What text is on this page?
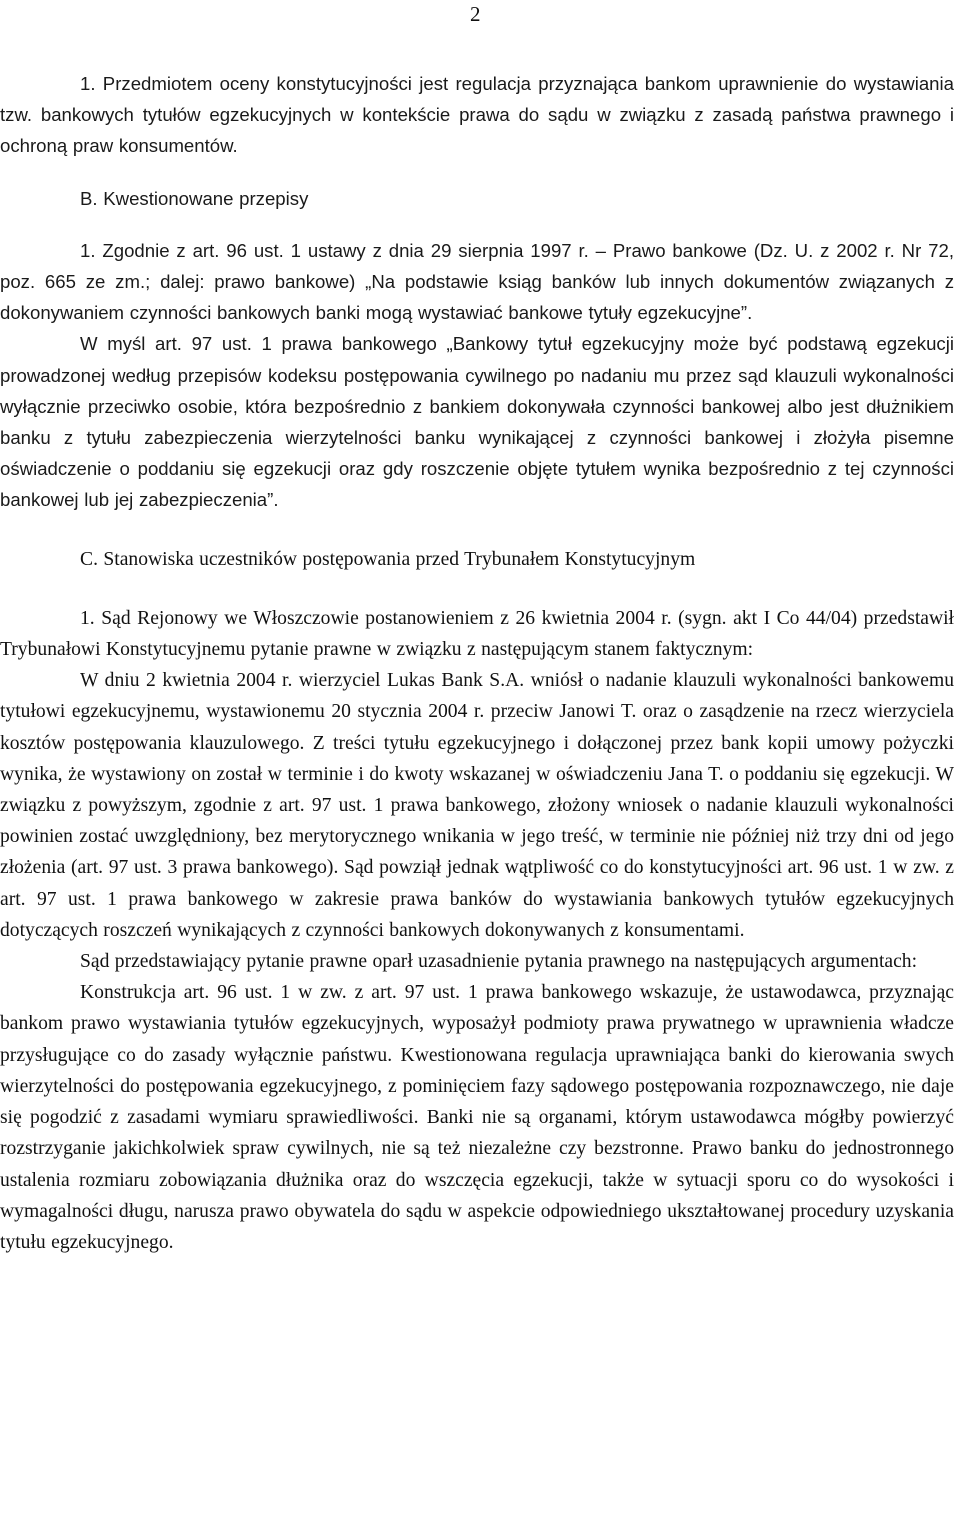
2

1. Przedmiotem oceny konstytucyjności jest regulacja przyznająca bankom uprawnienie do wystawiania tzw. bankowych tytułów egzekucyjnych w kontekście prawa do sądu w związku z zasadą państwa prawnego i ochroną praw konsumentów.

B. Kwestionowane przepisy

1. Zgodnie z art. 96 ust. 1 ustawy z dnia 29 sierpnia 1997 r. – Prawo bankowe (Dz. U. z 2002 r. Nr 72, poz. 665 ze zm.; dalej: prawo bankowe) „Na podstawie ksiąg banków lub innych dokumentów związanych z dokonywaniem czynności bankowych banki mogą wystawiać bankowe tytuły egzekucyjne”.

W myśl art. 97 ust. 1 prawa bankowego „Bankowy tytuł egzekucyjny może być podstawą egzekucji prowadzonej według przepisów kodeksu postępowania cywilnego po nadaniu mu przez sąd klauzuli wykonalności wyłącznie przeciwko osobie, która bezpośrednio z bankiem dokonywała czynności bankowej albo jest dłużnikiem banku z tytułu zabezpieczenia wierzytelności banku wynikającej z czynności bankowej i złożyła pisemne oświadczenie o poddaniu się egzekucji oraz gdy roszczenie objęte tytułem wynika bezpośrednio z tej czynności bankowej lub jej zabezpieczenia”.

C. Stanowiska uczestników postępowania przed Trybunałem Konstytucyjnym

1. Sąd Rejonowy we Włoszczowie postanowieniem z 26 kwietnia 2004 r. (sygn. akt I Co 44/04) przedstawił Trybunałowi Konstytucyjnemu pytanie prawne w związku z następującym stanem faktycznym:

W dniu 2 kwietnia 2004 r. wierzyciel Lukas Bank S.A. wniósł o nadanie klauzuli wykonalności bankowemu tytułowi egzekucyjnemu, wystawionemu 20 stycznia 2004 r. przeciw Janowi T. oraz o zasądzenie na rzecz wierzyciela kosztów postępowania klauzulowego. Z treści tytułu egzekucyjnego i dołączonej przez bank kopii umowy pożyczki wynika, że wystawiony on został w terminie i do kwoty wskazanej w oświadczeniu Jana T. o poddaniu się egzekucji. W związku z powyższym, zgodnie z art. 97 ust. 1 prawa bankowego, złożony wniosek o nadanie klauzuli wykonalności powinien zostać uwzględniony, bez merytorycznego wnikania w jego treść, w terminie nie później niż trzy dni od jego złożenia (art. 97 ust. 3 prawa bankowego). Sąd powziął jednak wątpliwość co do konstytucyjności art. 96 ust. 1 w zw. z art. 97 ust. 1 prawa bankowego w zakresie prawa banków do wystawiania bankowych tytułów egzekucyjnych dotyczących roszczeń wynikających z czynności bankowych dokonywanych z konsumentami.

Sąd przedstawiający pytanie prawne oparł uzasadnienie pytania prawnego na następujących argumentach:

Konstrukcja art. 96 ust. 1 w zw. z art. 97 ust. 1 prawa bankowego wskazuje, że ustawodawca, przyznając bankom prawo wystawiania tytułów egzekucyjnych, wyposażył podmioty prawa prywatnego w uprawnienia władcze przysługujące co do zasady wyłącznie państwu. Kwestionowana regulacja uprawniająca banki do kierowania swych wierzytelności do postępowania egzekucyjnego, z pominięciem fazy sądowego postępowania rozpoznawczego, nie daje się pogodzić z zasadami wymiaru sprawiedliwości. Banki nie są organami, którym ustawodawca mógłby powierzyć rozstrzyganie jakichkolwiek spraw cywilnych, nie są też niezależne czy bezstronne. Prawo banku do jednostronnego ustalenia rozmiaru zobowiązania dłużnika oraz do wszczęcia egzekucji, także w sytuacji sporu co do wysokości i wymagalności długu, narusza prawo obywatela do sądu w aspekcie odpowiedniego ukształtowanej procedury uzyskania tytułu egzekucyjnego.
